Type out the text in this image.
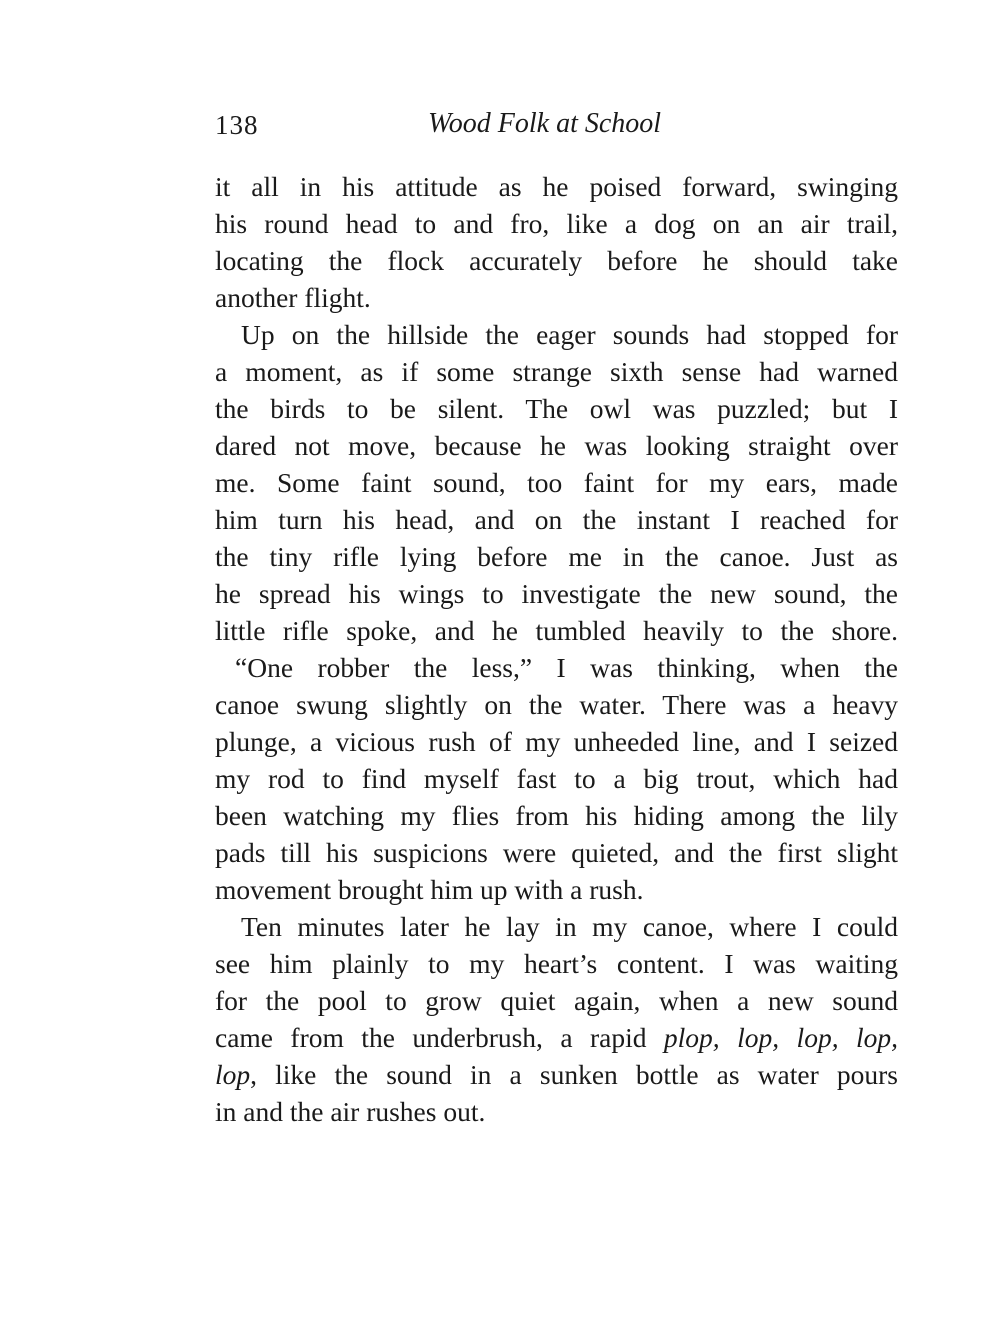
138	Wood Folk at School

it all in his attitude as he poised forward, swinging
his round head to and fro, like a dog on an air trail,
locating the flock accurately before he should take
another flight.

Up on the hillside the eager sounds had stopped for
a moment, as if some strange sixth sense had warned
the birds to be silent. The owl was puzzled; but I
dared not move, because he was looking straight over
me. Some faint sound, too faint for my ears, made
him turn his head, and on the instant I reached for
the tiny rifle lying before me in the canoe. Just as
he spread his wings to investigate the new sound, the
little rifle spoke, and he tumbled heavily to the shore.

“One robber the less,” I was thinking, when the
canoe swung slightly on the water. There was a heavy
plunge, a vicious rush of my unheeded line, and I seized
my rod to find myself fast to a big trout, which had
been watching my flies from his hiding among the lily
pads till his suspicions were quieted, and the first slight
movement brought him up with a rush.

Ten minutes later he lay in my canoe, where I could
see him plainly to my heart’s content. I was waiting
for the pool to grow quiet again, when a new sound
came from the underbrush, a rapid plop, lop, lop, lop,
lop, like the sound in a sunken bottle as water pours
in and the air rushes out.
